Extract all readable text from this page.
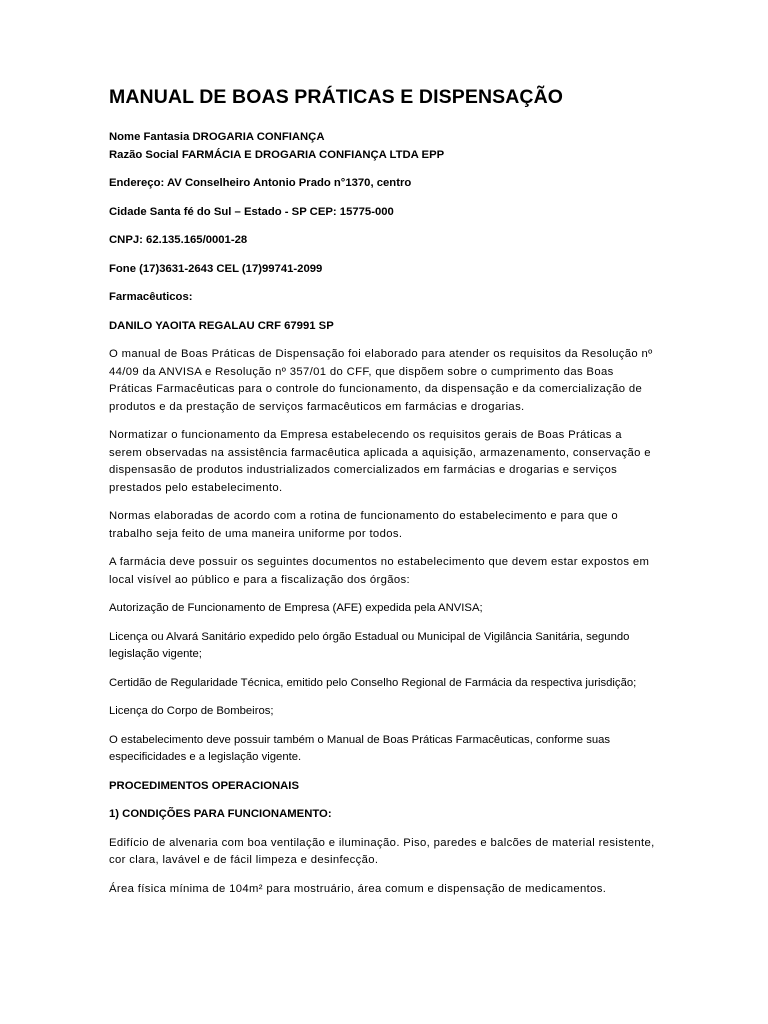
MANUAL DE BOAS PRÁTICAS E DISPENSAÇÃO
Nome Fantasia DROGARIA CONFIANÇA
Razão Social FARMÁCIA E DROGARIA CONFIANÇA LTDA EPP
Endereço: AV Conselheiro Antonio Prado n°1370, centro
Cidade Santa fé do Sul – Estado - SP CEP: 15775-000
CNPJ: 62.135.165/0001-28
Fone (17)3631-2643 CEL (17)99741-2099
Farmacêuticos:
DANILO YAOITA REGALAU CRF 67991 SP

O manual de Boas Práticas de Dispensação foi elaborado para atender os requisitos da Resolução nº 44/09 da ANVISA e Resolução nº 357/01 do CFF, que dispõem sobre o cumprimento das Boas Práticas Farmacêuticas para o controle do funcionamento, da dispensação e da comercialização de produtos e da prestação de serviços farmacêuticos em farmácias e drogarias.

Normatizar o funcionamento da Empresa estabelecendo os requisitos gerais de Boas Práticas a serem observadas na assistência farmacêutica aplicada a aquisição, armazenamento, conservação e dispensasão de produtos industrializados comercializados em farmácias e drogarias e serviços prestados pelo estabelecimento.

Normas elaboradas de acordo com a rotina de funcionamento do estabelecimento e para que o trabalho seja feito de uma maneira uniforme por todos.

A farmácia deve possuir os seguintes documentos no estabelecimento que devem estar expostos em local visível ao público e para a fiscalização dos órgãos:

Autorização de Funcionamento de Empresa (AFE) expedida pela ANVISA;

Licença ou Alvará Sanitário expedido pelo órgão Estadual ou Municipal de Vigilância Sanitária, segundo legislação vigente;

Certidão de Regularidade Técnica, emitido pelo Conselho Regional de Farmácia da respectiva jurisdição;

Licença do Corpo de Bombeiros;

O estabelecimento deve possuir também o Manual de Boas Práticas Farmacêuticas, conforme suas especificidades e a legislação vigente.

PROCEDIMENTOS OPERACIONAIS
1) CONDIÇÕES PARA FUNCIONAMENTO:

Edifício de alvenaria com boa ventilação e iluminação. Piso, paredes e balcões de material resistente, cor clara, lavável e de fácil limpeza e desinfecção.

Área física mínima de 104m² para mostruário, área comum e dispensação de medicamentos.
